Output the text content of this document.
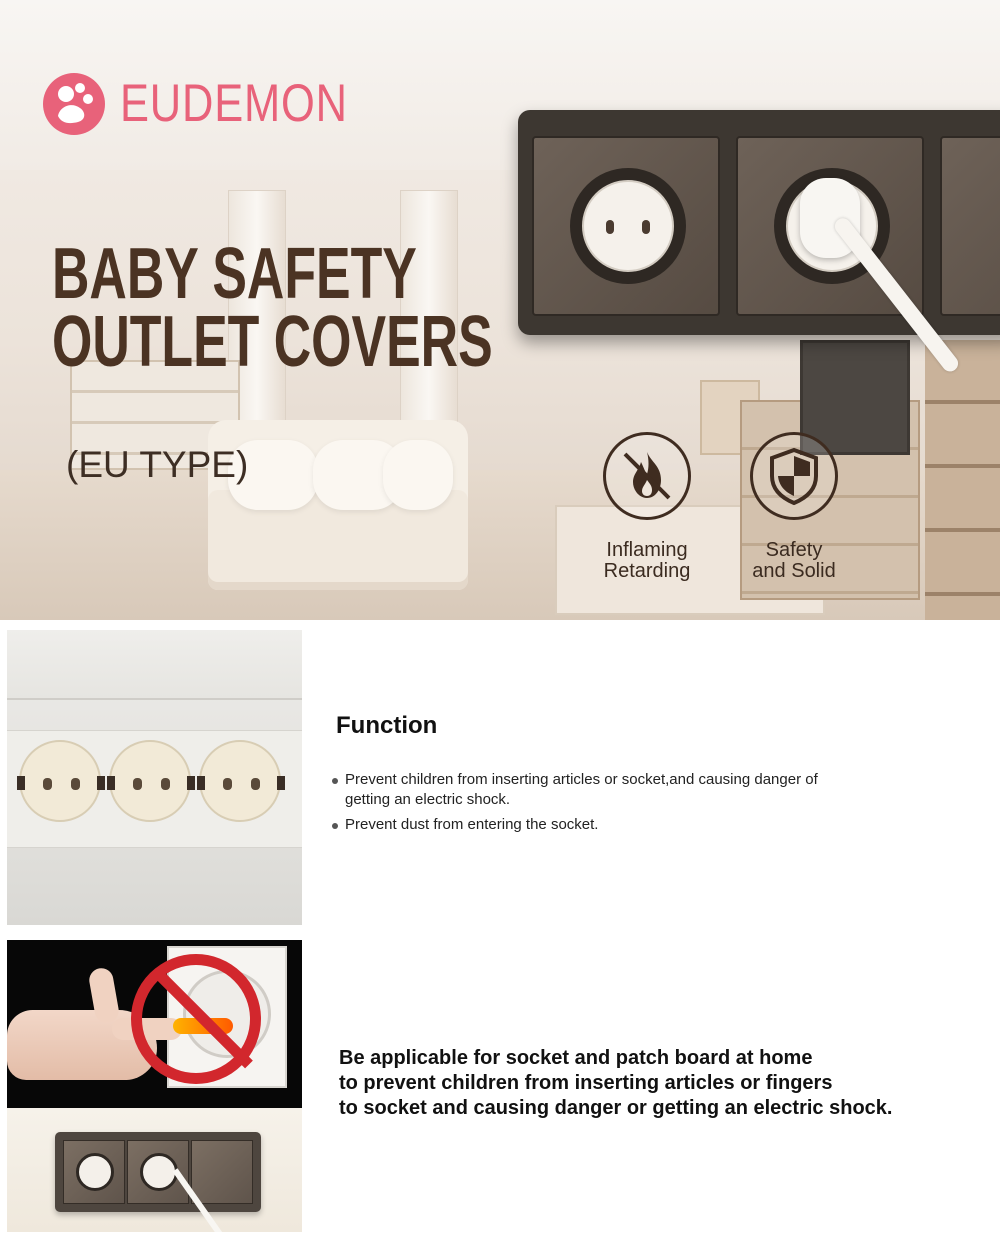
EUDEMON
BABY SAFETY
OUTLET COVERS
(EU TYPE)
Inflaming
Retarding
Safety
and Solid
Function
Prevent children from inserting articles or socket,and causing danger of
getting an electric shock.
Prevent dust from entering the socket.
Be applicable for socket and patch board at home
to prevent children from inserting articles or fingers
to socket and causing danger or getting an electric shock.
